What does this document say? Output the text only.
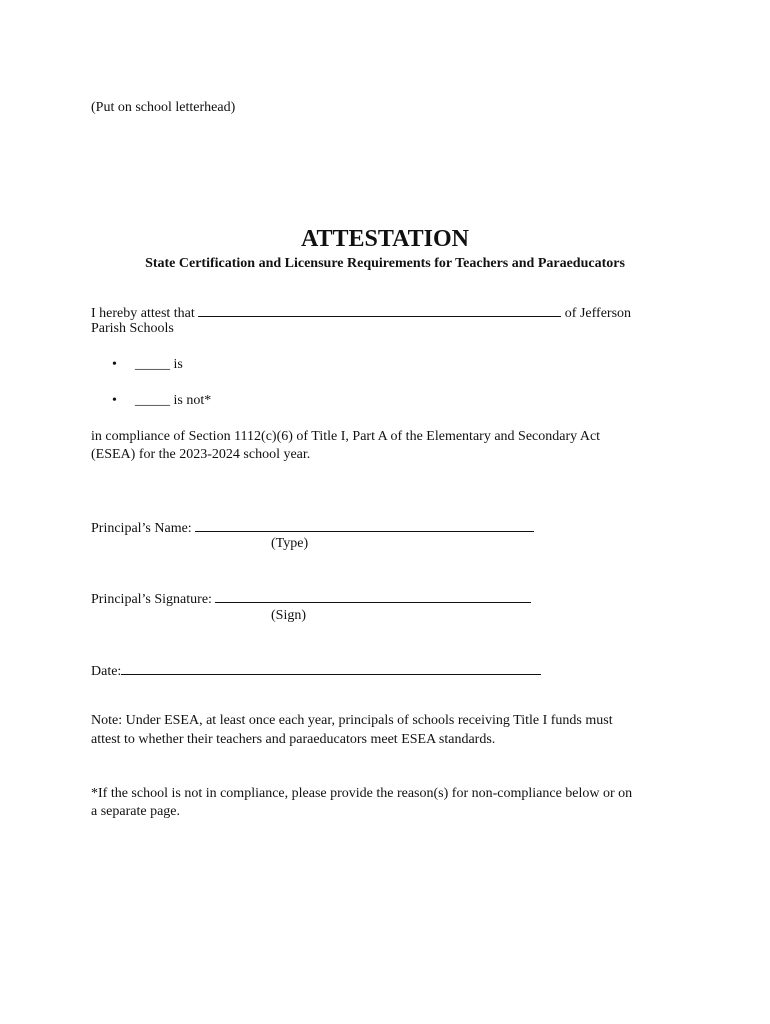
(Put on school letterhead)
ATTESTATION
State Certification and Licensure Requirements for Teachers and Paraeducators
I hereby attest that	of Jefferson
Parish Schools
• _____ is
• _____ is not*
in compliance of Section 1112(c)(6) of Title I, Part A of the Elementary and Secondary Act
(ESEA) for the 2023-2024 school year.
Principal’s Name:
(Type)
Principal’s Signature:
(Sign)
Date:
Note: Under ESEA, at least once each year, principals of schools receiving Title I funds must
attest to whether their teachers and paraeducators meet ESEA standards.
*If the school is not in compliance, please provide the reason(s) for non-compliance below or on
a separate page.
